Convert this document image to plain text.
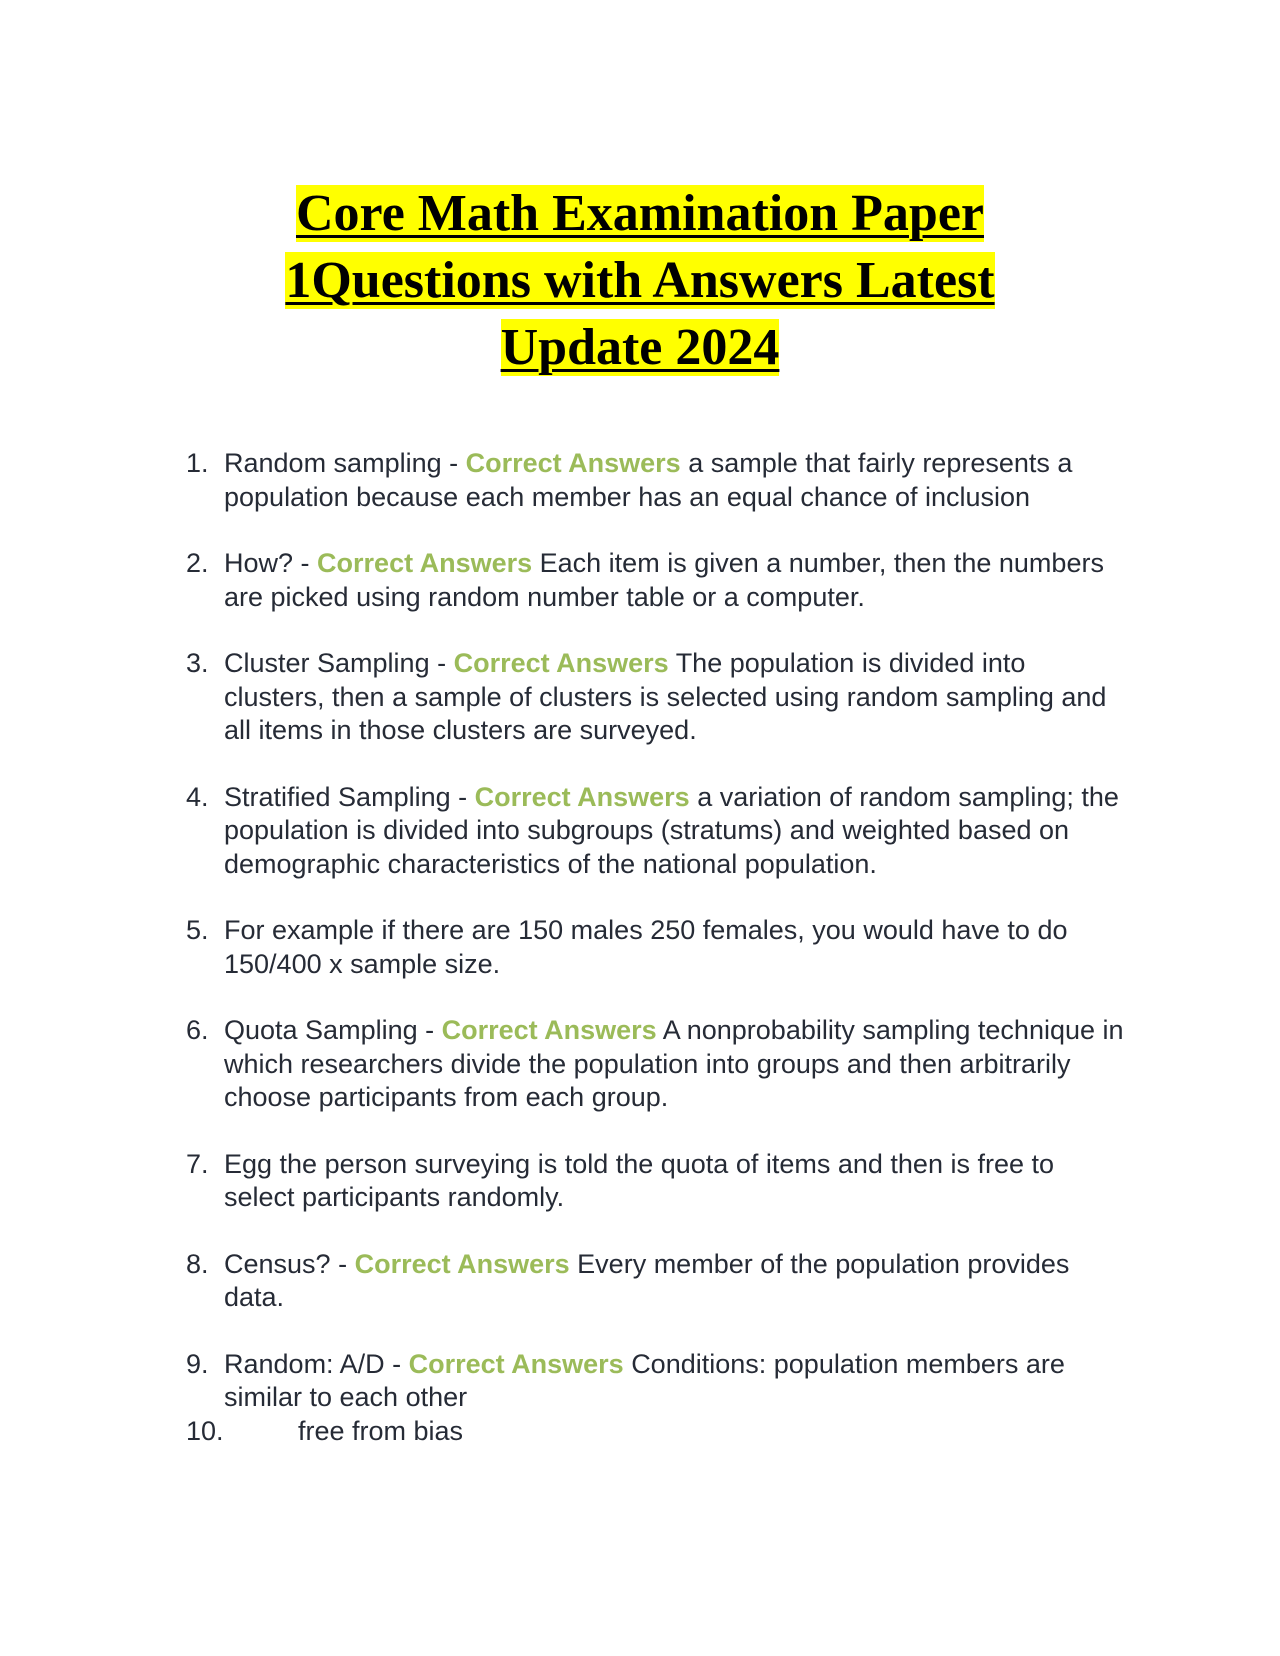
Core Math Examination Paper
1Questions with Answers Latest
Update 2024
1. Random sampling - Correct Answers a sample that fairly represents a population because each member has an equal chance of inclusion
2. How? - Correct Answers Each item is given a number, then the numbers are picked using random number table or a computer.
3. Cluster Sampling - Correct Answers The population is divided into clusters, then a sample of clusters is selected using random sampling and all items in those clusters are surveyed.
4. Stratified Sampling - Correct Answers a variation of random sampling; the population is divided into subgroups (stratums) and weighted based on demographic characteristics of the national population.
5. For example if there are 150 males 250 females, you would have to do 150/400 x sample size.
6. Quota Sampling - Correct Answers A nonprobability sampling technique in which researchers divide the population into groups and then arbitrarily choose participants from each group.
7. Egg the person surveying is told the quota of items and then is free to select participants randomly.
8. Census? - Correct Answers Every member of the population provides data.
9. Random: A/D - Correct Answers Conditions: population members are similar to each other
10.	free from bias
